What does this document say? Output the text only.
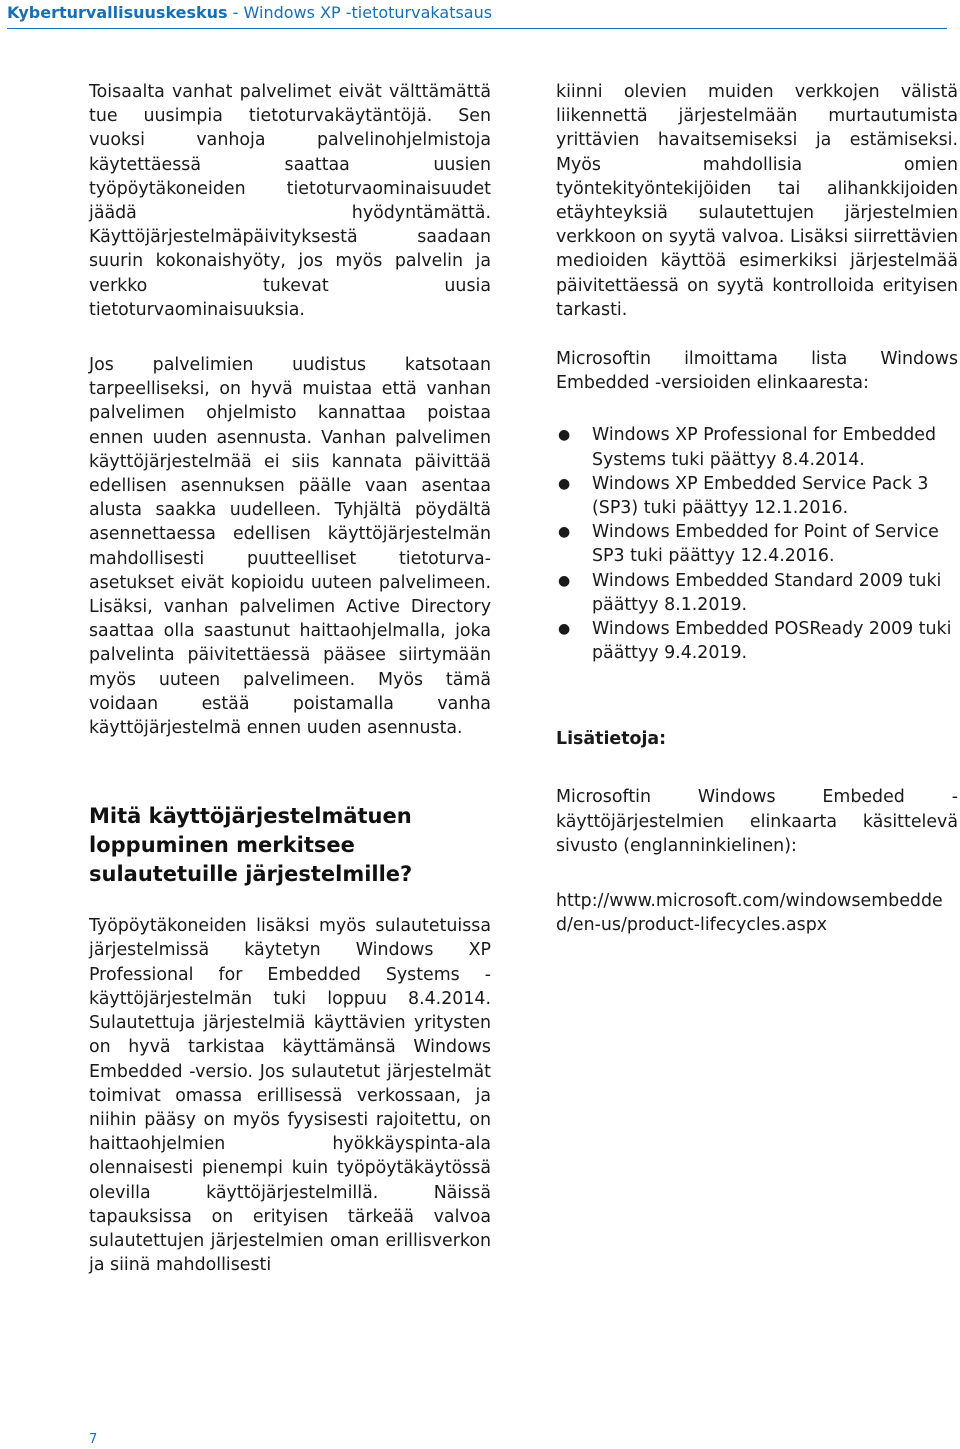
Kyberturvallisuuskeskus - Windows XP -tietoturvakatsaus

Toisaalta vanhat palvelimet eivät välttämättä tue uusimpia tietoturvakäytäntöjä. Sen vuoksi vanhoja palvelinohjelmistoja käytettäessä saattaa uusien työpöytäkoneiden tietoturvaominaisuudet jäädä hyödyntämättä. Käyttöjärjestelmäpäivityksestä saadaan suurin kokonaishyöty, jos myös palvelin ja verkko tukevat uusia tietoturvaominaisuuksia.

Jos palvelimien uudistus katsotaan tarpeelliseksi, on hyvä muistaa että vanhan palvelimen ohjelmisto kannattaa poistaa ennen uuden asennusta. Vanhan palvelimen käyttöjärjestelmää ei siis kannata päivittää edellisen asennuksen päälle vaan asentaa alusta saakka uudelleen. Tyhjältä pöydältä asennettaessa edellisen käyttöjärjestelmän mahdollisesti puutteelliset tietoturva-asetukset eivät kopioidu uuteen palvelimeen. Lisäksi, vanhan palvelimen Active Directory saattaa olla saastunut haittaohjelmalla, joka palvelinta päivitettäessä pääsee siirtymään myös uuteen palvelimeen. Myös tämä voidaan estää poistamalla vanha käyttöjärjestelmä ennen uuden asennusta.

Mitä käyttöjärjestelmätuen loppuminen merkitsee sulautetuille järjestelmille?

Työpöytäkoneiden lisäksi myös sulautetuissa järjestelmissä käytetyn Windows XP Professional for Embedded Systems -käyttöjärjestelmän tuki loppuu 8.4.2014. Sulautettuja järjestelmiä käyttävien yritysten on hyvä tarkistaa käyttämänsä Windows Embedded -versio. Jos sulautetut järjestelmät toimivat omassa erillisessä verkossaan, ja niihin pääsy on myös fyysisesti rajoitettu, on haittaohjelmien hyökkäyspinta-ala olennaisesti pienempi kuin työpöytäkäytössä olevilla käyttöjärjestelmillä. Näissä tapauksissa on erityisen tärkeää valvoa sulautettujen järjestelmien oman erillisverkon ja siinä mahdollisesti

kiinni olevien muiden verkkojen välistä liikennettä järjestelmään murtautumista yrittävien havaitsemiseksi ja estämiseksi. Myös mahdollisia omien työntekityöntekijöiden tai alihankkijoiden etäyhteyksiä sulautettujen järjestelmien verkkoon on syytä valvoa. Lisäksi siirrettävien medioiden käyttöä esimerkiksi järjestelmää päivitettäessä on syytä kontrolloida erityisen tarkasti.

Microsoftin ilmoittama lista Windows Embedded -versioiden elinkaaresta:

● Windows XP Professional for Embedded Systems tuki päättyy 8.4.2014.
● Windows XP Embedded Service Pack 3 (SP3) tuki päättyy 12.1.2016.
● Windows Embedded for Point of Service SP3 tuki päättyy 12.4.2016.
● Windows Embedded Standard 2009 tuki päättyy 8.1.2019.
● Windows Embedded POSReady 2009 tuki päättyy 9.4.2019.
Lisätietoja:

Microsoftin Windows Embeded -käyttöjärjestelmien elinkaarta käsittelevä sivusto (englanninkielinen):

http://www.microsoft.com/windowsembedded/en-us/product-lifecycles.aspx

7
